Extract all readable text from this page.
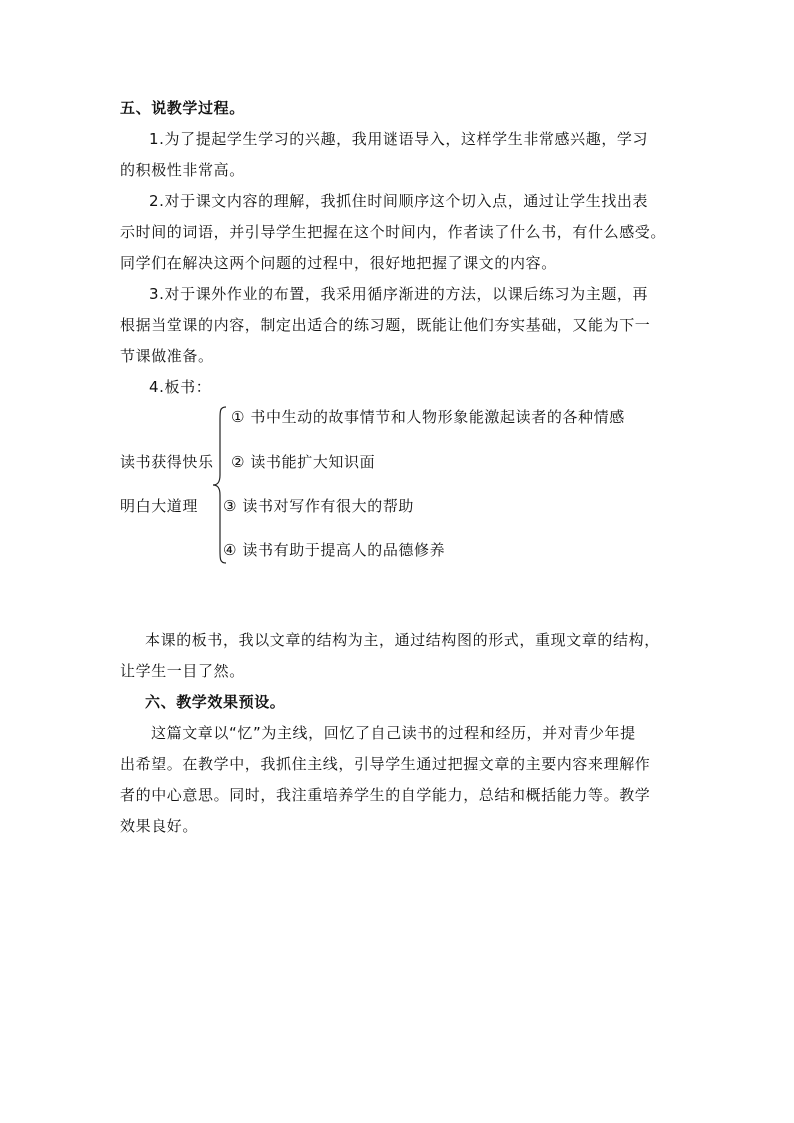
五、说教学过程。
1.为了提起学生学习的兴趣，我用谜语导入，这样学生非常感兴趣，学习
的积极性非常高。
2.对于课文内容的理解，我抓住时间顺序这个切入点，通过让学生找出表
示时间的词语，并引导学生把握在这个时间内，作者读了什么书，有什么感受。
同学们在解决这两个问题的过程中，很好地把握了课文的内容。
3.对于课外作业的布置，我采用循序渐进的方法，以课后练习为主题，再
根据当堂课的内容，制定出适合的练习题，既能让他们夯实基础，又能为下一
节课做准备。
4.板书：
读书获得快乐
明白大道理
① 书中生动的故事情节和人物形象能激起读者的各种情感
② 读书能扩大知识面
③ 读书对写作有很大的帮助
④ 读书有助于提高人的品德修养
本课的板书，我以文章的结构为主，通过结构图的形式，重现文章的结构，
让学生一目了然。
六、教学效果预设。
这篇文章以“忆”为主线，回忆了自己读书的过程和经历，并对青少年提
出希望。在教学中，我抓住主线，引导学生通过把握文章的主要内容来理解作
者的中心意思。同时，我注重培养学生的自学能力，总结和概括能力等。教学
效果良好。
